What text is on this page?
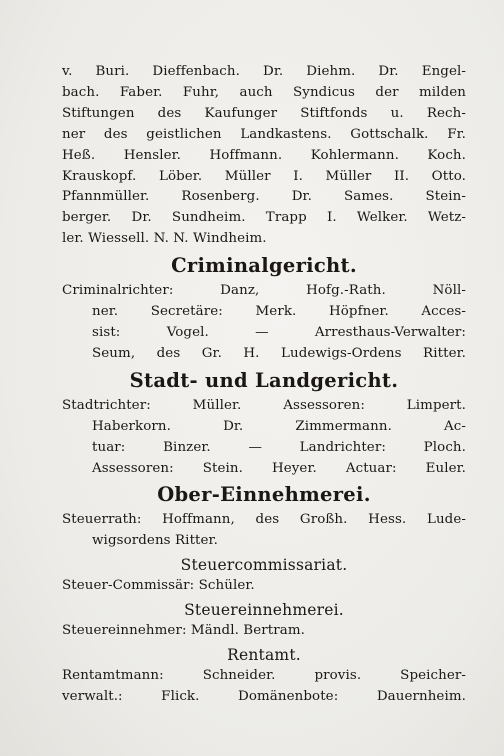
v. Buri. Dieffenbach. Dr. Diehm. Dr. Engel-
bach. Faber. Fuhr, auch Syndicus der milden
Stiftungen des Kaufunger Stiftfonds u. Rech-
ner des geistlichen Landkastens. Gottschalk. Fr.
Heß. Hensler. Hoffmann. Kohlermann. Koch.
Krauskopf. Löber. Müller I. Müller II. Otto.
Pfannmüller. Rosenberg. Dr. Sames. Stein-
berger. Dr. Sundheim. Trapp I. Welker. Wetz-
ler. Wiessell. N. N. Windheim.
Criminalgericht.
Criminalrichter: Danz, Hofg.-Rath. Nöll-
ner. Secretäre: Merk. Höpfner. Acces-
sist: Vogel. — Arresthaus-Verwalter:
Seum, des Gr. H. Ludewigs-Ordens Ritter.
Stadt- und Landgericht.
Stadtrichter: Müller. Assessoren: Limpert.
Haberkorn. Dr. Zimmermann. Ac-
tuar: Binzer. — Landrichter: Ploch.
Assessoren: Stein. Heyer. Actuar: Euler.
Ober-Einnehmerei.
Steuerrath: Hoffmann, des Großh. Hess. Lude-
wigsordens Ritter.
Steuercommissariat.
Steuer-Commissär: Schüler.
Steuereinnehmerei.
Steuereinnehmer: Mändl. Bertram.
Rentamt.
Rentamtmann: Schneider. provis. Speicher-
verwalt.: Flick. Domänenbote: Dauernheim.
